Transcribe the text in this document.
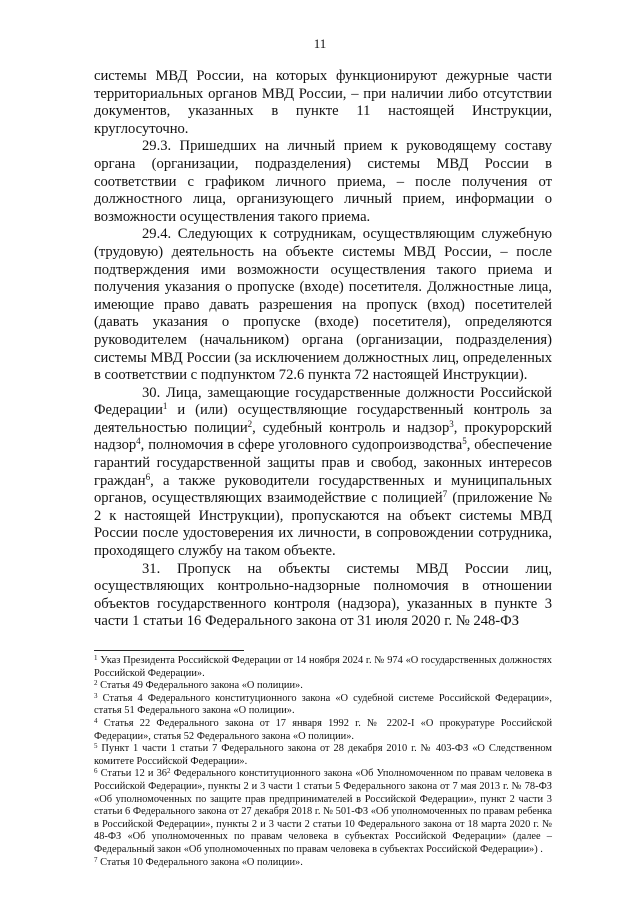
11

системы МВД России, на которых функционируют дежурные части территориальных органов МВД России, – при наличии либо отсутствии документов, указанных в пункте 11 настоящей Инструкции, круглосуточно.

29.3. Пришедших на личный прием к руководящему составу органа (организации, подразделения) системы МВД России в соответствии с графиком личного приема, – после получения от должностного лица, организующего личный прием, информации о возможности осуществления такого приема.

29.4. Следующих к сотрудникам, осуществляющим служебную (трудовую) деятельность на объекте системы МВД России, – после подтверждения ими возможности осуществления такого приема и получения указания о пропуске (входе) посетителя. Должностные лица, имеющие право давать разрешения на пропуск (вход) посетителей (давать указания о пропуске (входе) посетителя), определяются руководителем (начальником) органа (организации, подразделения) системы МВД России (за исключением должностных лиц, определенных в соответствии с подпунктом 72.6 пункта 72 настоящей Инструкции).

30. Лица, замещающие государственные должности Российской Федерации$^1$ и (или) осуществляющие государственный контроль за деятельностью полиции$^2$, судебный контроль и надзор$^3$, прокурорский надзор$^4$, полномочия в сфере уголовного судопроизводства$^5$, обеспечение гарантий государственной защиты прав и свобод, законных интересов граждан$^6$, а также руководители государственных и муниципальных органов, осуществляющих взаимодействие с полицией$^7$ (приложение № 2 к настоящей Инструкции), пропускаются на объект системы МВД России после удостоверения их личности, в сопровождении сотрудника, проходящего службу на таком объекте.

31. Пропуск на объекты системы МВД России лиц, осуществляющих контрольно-надзорные полномочия в отношении объектов государственного контроля (надзора), указанных в пункте 3 части 1 статьи 16 Федерального закона от 31 июля 2020 г. № 248-ФЗ

$^1$ Указ Президента Российской Федерации от 14 ноября 2024 г. № 974 «О государственных должностях Российской Федерации».

$^2$ Статья 49 Федерального закона «О полиции».

$^3$ Статья 4 Федерального конституционного закона «О судебной системе Российской Федерации», статья 51 Федерального закона «О полиции».

$^4$ Статья 22 Федерального закона от 17 января 1992 г. № 2202-I «О прокуратуре Российской Федерации», статья 52 Федерального закона «О полиции».

$^5$ Пункт 1 части 1 статьи 7 Федерального закона от 28 декабря 2010 г. № 403-ФЗ «О Следственном комитете Российской Федерации».

$^6$ Статьи 12 и $36^2$ Федерального конституционного закона «Об Уполномоченном по правам человека в Российской Федерации», пункты 2 и 3 части 1 статьи 5 Федерального закона от 7 мая 2013 г. № 78-ФЗ «Об уполномоченных по защите прав предпринимателей в Российской Федерации», пункт 2 части 3 статьи 6 Федерального закона от 27 декабря 2018 г. № 501-ФЗ «Об уполномоченных по правам ребенка в Российской Федерации», пункты 2 и 3 части 2 статьи 10 Федерального закона от 18 марта 2020 г. № 48-ФЗ «Об уполномоченных по правам человека в субъектах Российской Федерации» (далее – Федеральный закон «Об уполномоченных по правам человека в субъектах Российской Федерации») .

$^7$ Статья 10 Федерального закона «О полиции».
